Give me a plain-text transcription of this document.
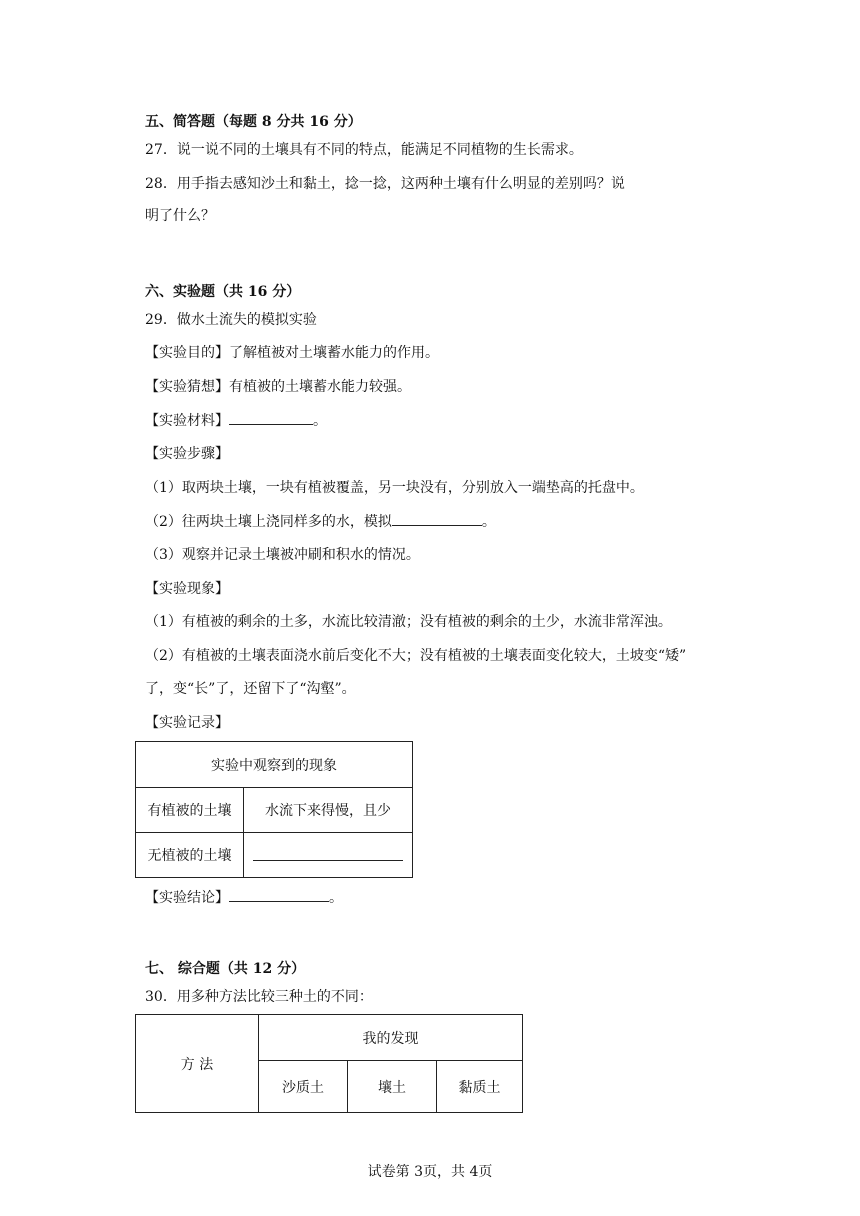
五、简答题（每题 8 分共 16 分）
27．说一说不同的土壤具有不同的特点，能满足不同植物的生长需求。
28．用手指去感知沙土和黏土，捻一捻，这两种土壤有什么明显的差别吗？说
明了什么？
六、实验题（共 16 分）
29．做水土流失的模拟实验
【实验目的】了解植被对土壤蓄水能力的作用。
【实验猜想】有植被的土壤蓄水能力较强。
【实验材料】	。
【实验步骤】
（1）取两块土壤，一块有植被覆盖，另一块没有，分别放入一端垫高的托盘中。
（2）往两块土壤上浇同样多的水，模拟	。
（3）观察并记录土壤被冲刷和积水的情况。
【实验现象】
（1）有植被的剩余的土多，水流比较清澈；没有植被的剩余的土少，水流非常浑浊。
（2）有植被的土壤表面浇水前后变化不大；没有植被的土壤表面变化较大，土坡变“矮”
了，变“长”了，还留下了“沟壑”。
【实验记录】
实验中观察到的现象	
有植被的土壤	水流下来得慢，且少
无植被的土壤	
【实验结论】	。
七、 综合题（共 12 分）
30．用多种方法比较三种土的不同：
方 法	我的发现		
	沙质土	壤土	黏质土
试卷第 3页，共 4页
